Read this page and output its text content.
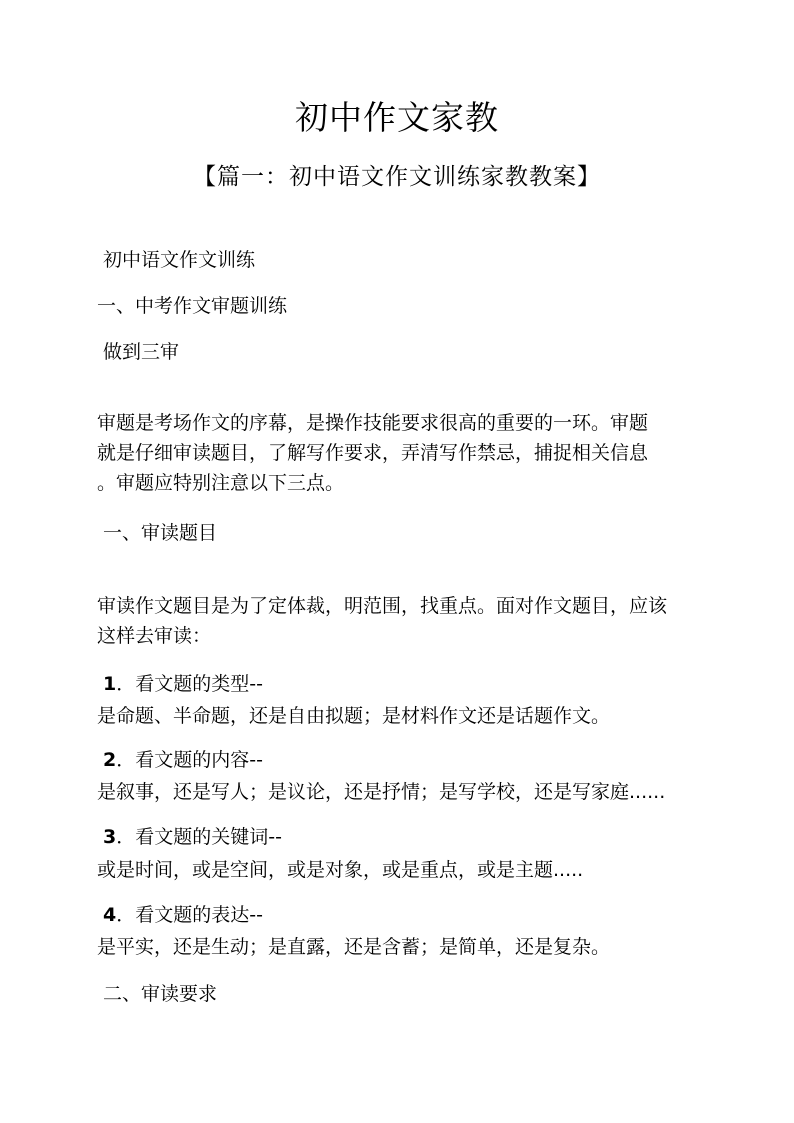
初中作文家教

【篇一：初中语文作文训练家教教案】

初中语文作文训练

一、中考作文审题训练

做到三审

审题是考场作文的序幕，是操作技能要求很高的重要的一环。审题
就是仔细审读题目，了解写作要求，弄清写作禁忌，捕捉相关信息
。审题应特别注意以下三点。

一、审读题目

审读作文题目是为了定体裁，明范围，找重点。面对作文题目，应该
这样去审读：

1．看文题的类型--

是命题、半命题，还是自由拟题；是材料作文还是话题作文。

2．看文题的内容--

是叙事，还是写人；是议论，还是抒情；是写学校，还是写家庭......

3．看文题的关键词--

或是时间，或是空间，或是对象，或是重点，或是主题.....

4．看文题的表达--

是平实，还是生动；是直露，还是含蓄；是简单，还是复杂。

二、审读要求
